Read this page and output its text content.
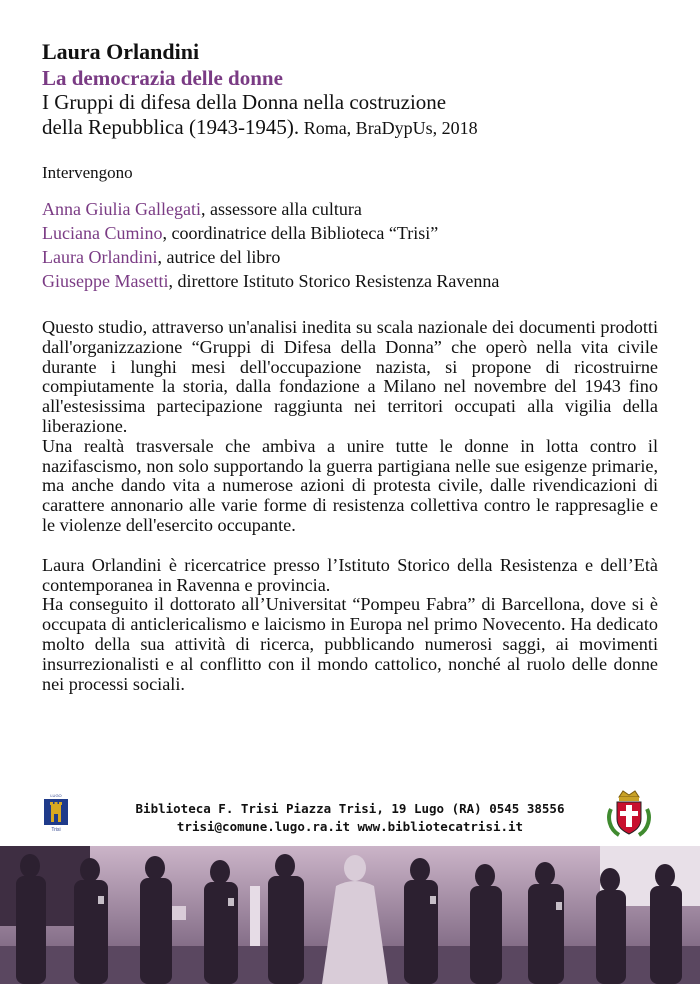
Laura Orlandini

La democrazia delle donne

I Gruppi di difesa della Donna nella costruzione

della Repubblica (1943-1945). Roma, BraDypUs, 2018

Intervengono

Anna Giulia Gallegati, assessore alla cultura

Luciana Cumino, coordinatrice della Biblioteca “Trisi”

Laura Orlandini, autrice del libro

Giuseppe Masetti, direttore Istituto Storico Resistenza Ravenna

Questo studio, attraverso un'analisi inedita su scala nazionale dei documenti prodotti dall'organizzazione “Gruppi di Difesa della Donna” che operò nella vita civile durante i lunghi mesi dell'occupazione nazista, si propone di ricostruirne compiutamente la storia, dalla fondazione a Milano nel novembre del 1943 fino all'estesissima partecipazione raggiunta nei territori occupati alla vigilia della liberazione.

Una realtà trasversale che ambiva a unire tutte le donne in lotta contro il nazifascismo, non solo supportando la guerra partigiana nelle sue esigenze primarie, ma anche dando vita a numerose azioni di protesta civile, dalle rivendicazioni di carattere annonario alle varie forme di resistenza collettiva contro le rappresaglie e le violenze dell'esercito occupante.

Laura Orlandini è ricercatrice presso l’Istituto Storico della Resistenza e dell’Età contemporanea in Ravenna e provincia.

Ha conseguito il dottorato all’Universitat “Pompeu Fabra” di Barcellona, dove si è occupata di anticlericalismo e laicismo in Europa nel primo Novecento. Ha dedicato molto della sua attività di ricerca, pubblicando numerosi saggi, ai movimenti insurrezionalisti e al conflitto con il mondo cattolico, nonché al ruolo delle donne nei processi sociali.

LUGO
Trisi
Biblioteca F. Trisi Piazza Trisi, 19 Lugo (RA) 0545 38556
trisi@comune.lugo.ra.it www.bibliotecatrisi.it
